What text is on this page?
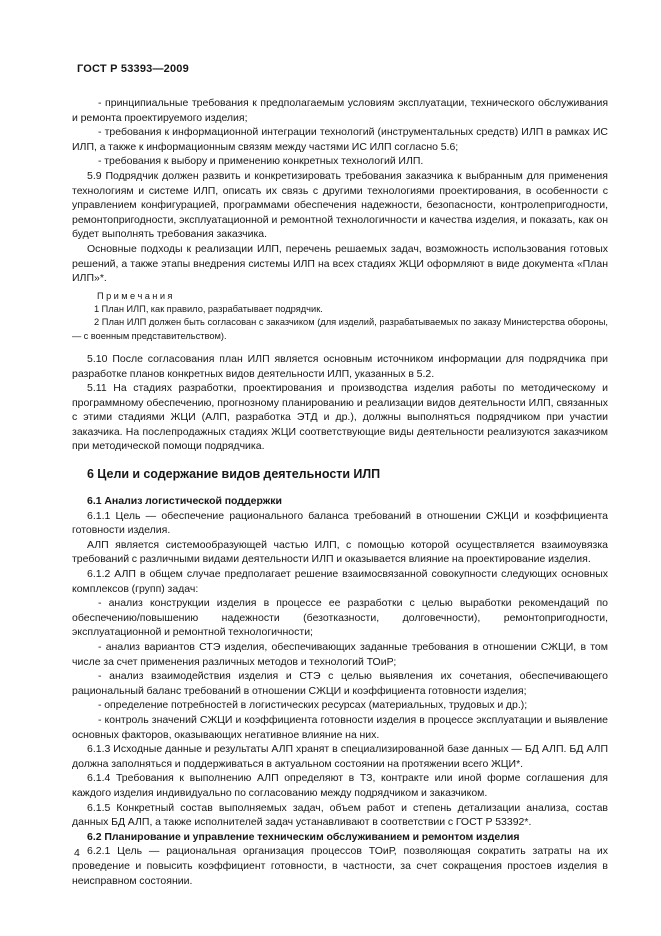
ГОСТ Р 53393—2009

- принципиальные требования к предполагаемым условиям эксплуатации, технического обслуживания и ремонта проектируемого изделия;

- требования к информационной интеграции технологий (инструментальных средств) ИЛП в рамках ИС ИЛП, а также к информационным связям между частями ИС ИЛП согласно 5.6;

- требования к выбору и применению конкретных технологий ИЛП.

5.9 Подрядчик должен развить и конкретизировать требования заказчика к выбранным для применения технологиям и системе ИЛП, описать их связь с другими технологиями проектирования, в особенности с управлением конфигурацией, программами обеспечения надежности, безопасности, контролепригодности, ремонтопригодности, эксплуатационной и ремонтной технологичности и качества изделия, и показать, как он будет выполнять требования заказчика.

Основные подходы к реализации ИЛП, перечень решаемых задач, возможность использования готовых решений, а также этапы внедрения системы ИЛП на всех стадиях ЖЦИ оформляют в виде документа «План ИЛП»*.

П р и м е ч а н и я

1 План ИЛП, как правило, разрабатывает подрядчик.

2 План ИЛП должен быть согласован с заказчиком (для изделий, разрабатываемых по заказу Министерства обороны, — с военным представительством).

5.10 После согласования план ИЛП является основным источником информации для подрядчика при разработке планов конкретных видов деятельности ИЛП, указанных в 5.2.

5.11 На стадиях разработки, проектирования и производства изделия работы по методическому и программному обеспечению, прогнозному планированию и реализации видов деятельности ИЛП, связанных с этими стадиями ЖЦИ (АЛП, разработка ЭТД и др.), должны выполняться подрядчиком при участии заказчика. На послепродажных стадиях ЖЦИ соответствующие виды деятельности реализуются заказчиком при методической помощи подрядчика.

6 Цели и содержание видов деятельности ИЛП

6.1 Анализ логистической поддержки

6.1.1 Цель — обеспечение рационального баланса требований в отношении СЖЦИ и коэффициента готовности изделия.

АЛП является системообразующей частью ИЛП, с помощью которой осуществляется взаимоувязка требований с различными видами деятельности ИЛП и оказывается влияние на проектирование изделия.

6.1.2 АЛП в общем случае предполагает решение взаимосвязанной совокупности следующих основных комплексов (групп) задач:

- анализ конструкции изделия в процессе ее разработки с целью выработки рекомендаций по обеспечению/повышению надежности (безотказности, долговечности), ремонтопригодности, эксплуатационной и ремонтной технологичности;

- анализ вариантов СТЭ изделия, обеспечивающих заданные требования в отношении СЖЦИ, в том числе за счет применения различных методов и технологий ТОиР;

- анализ взаимодействия изделия и СТЭ с целью выявления их сочетания, обеспечивающего рациональный баланс требований в отношении СЖЦИ и коэффициента готовности изделия;

- определение потребностей в логистических ресурсах (материальных, трудовых и др.);

- контроль значений СЖЦИ и коэффициента готовности изделия в процессе эксплуатации и выявление основных факторов, оказывающих негативное влияние на них.

6.1.3 Исходные данные и результаты АЛП хранят в специализированной базе данных — БД АЛП. БД АЛП должна заполняться и поддерживаться в актуальном состоянии на протяжении всего ЖЦИ*.

6.1.4 Требования к выполнению АЛП определяют в ТЗ, контракте или иной форме соглашения для каждого изделия индивидуально по согласованию между подрядчиком и заказчиком.

6.1.5 Конкретный состав выполняемых задач, объем работ и степень детализации анализа, состав данных БД АЛП, а также исполнителей задач устанавливают в соответствии с ГОСТ Р 53392*.

6.2 Планирование и управление техническим обслуживанием и ремонтом изделия

6.2.1 Цель — рациональная организация процессов ТОиР, позволяющая сократить затраты на их проведение и повысить коэффициент готовности, в частности, за счет сокращения простоев изделия в неисправном состоянии.

4
